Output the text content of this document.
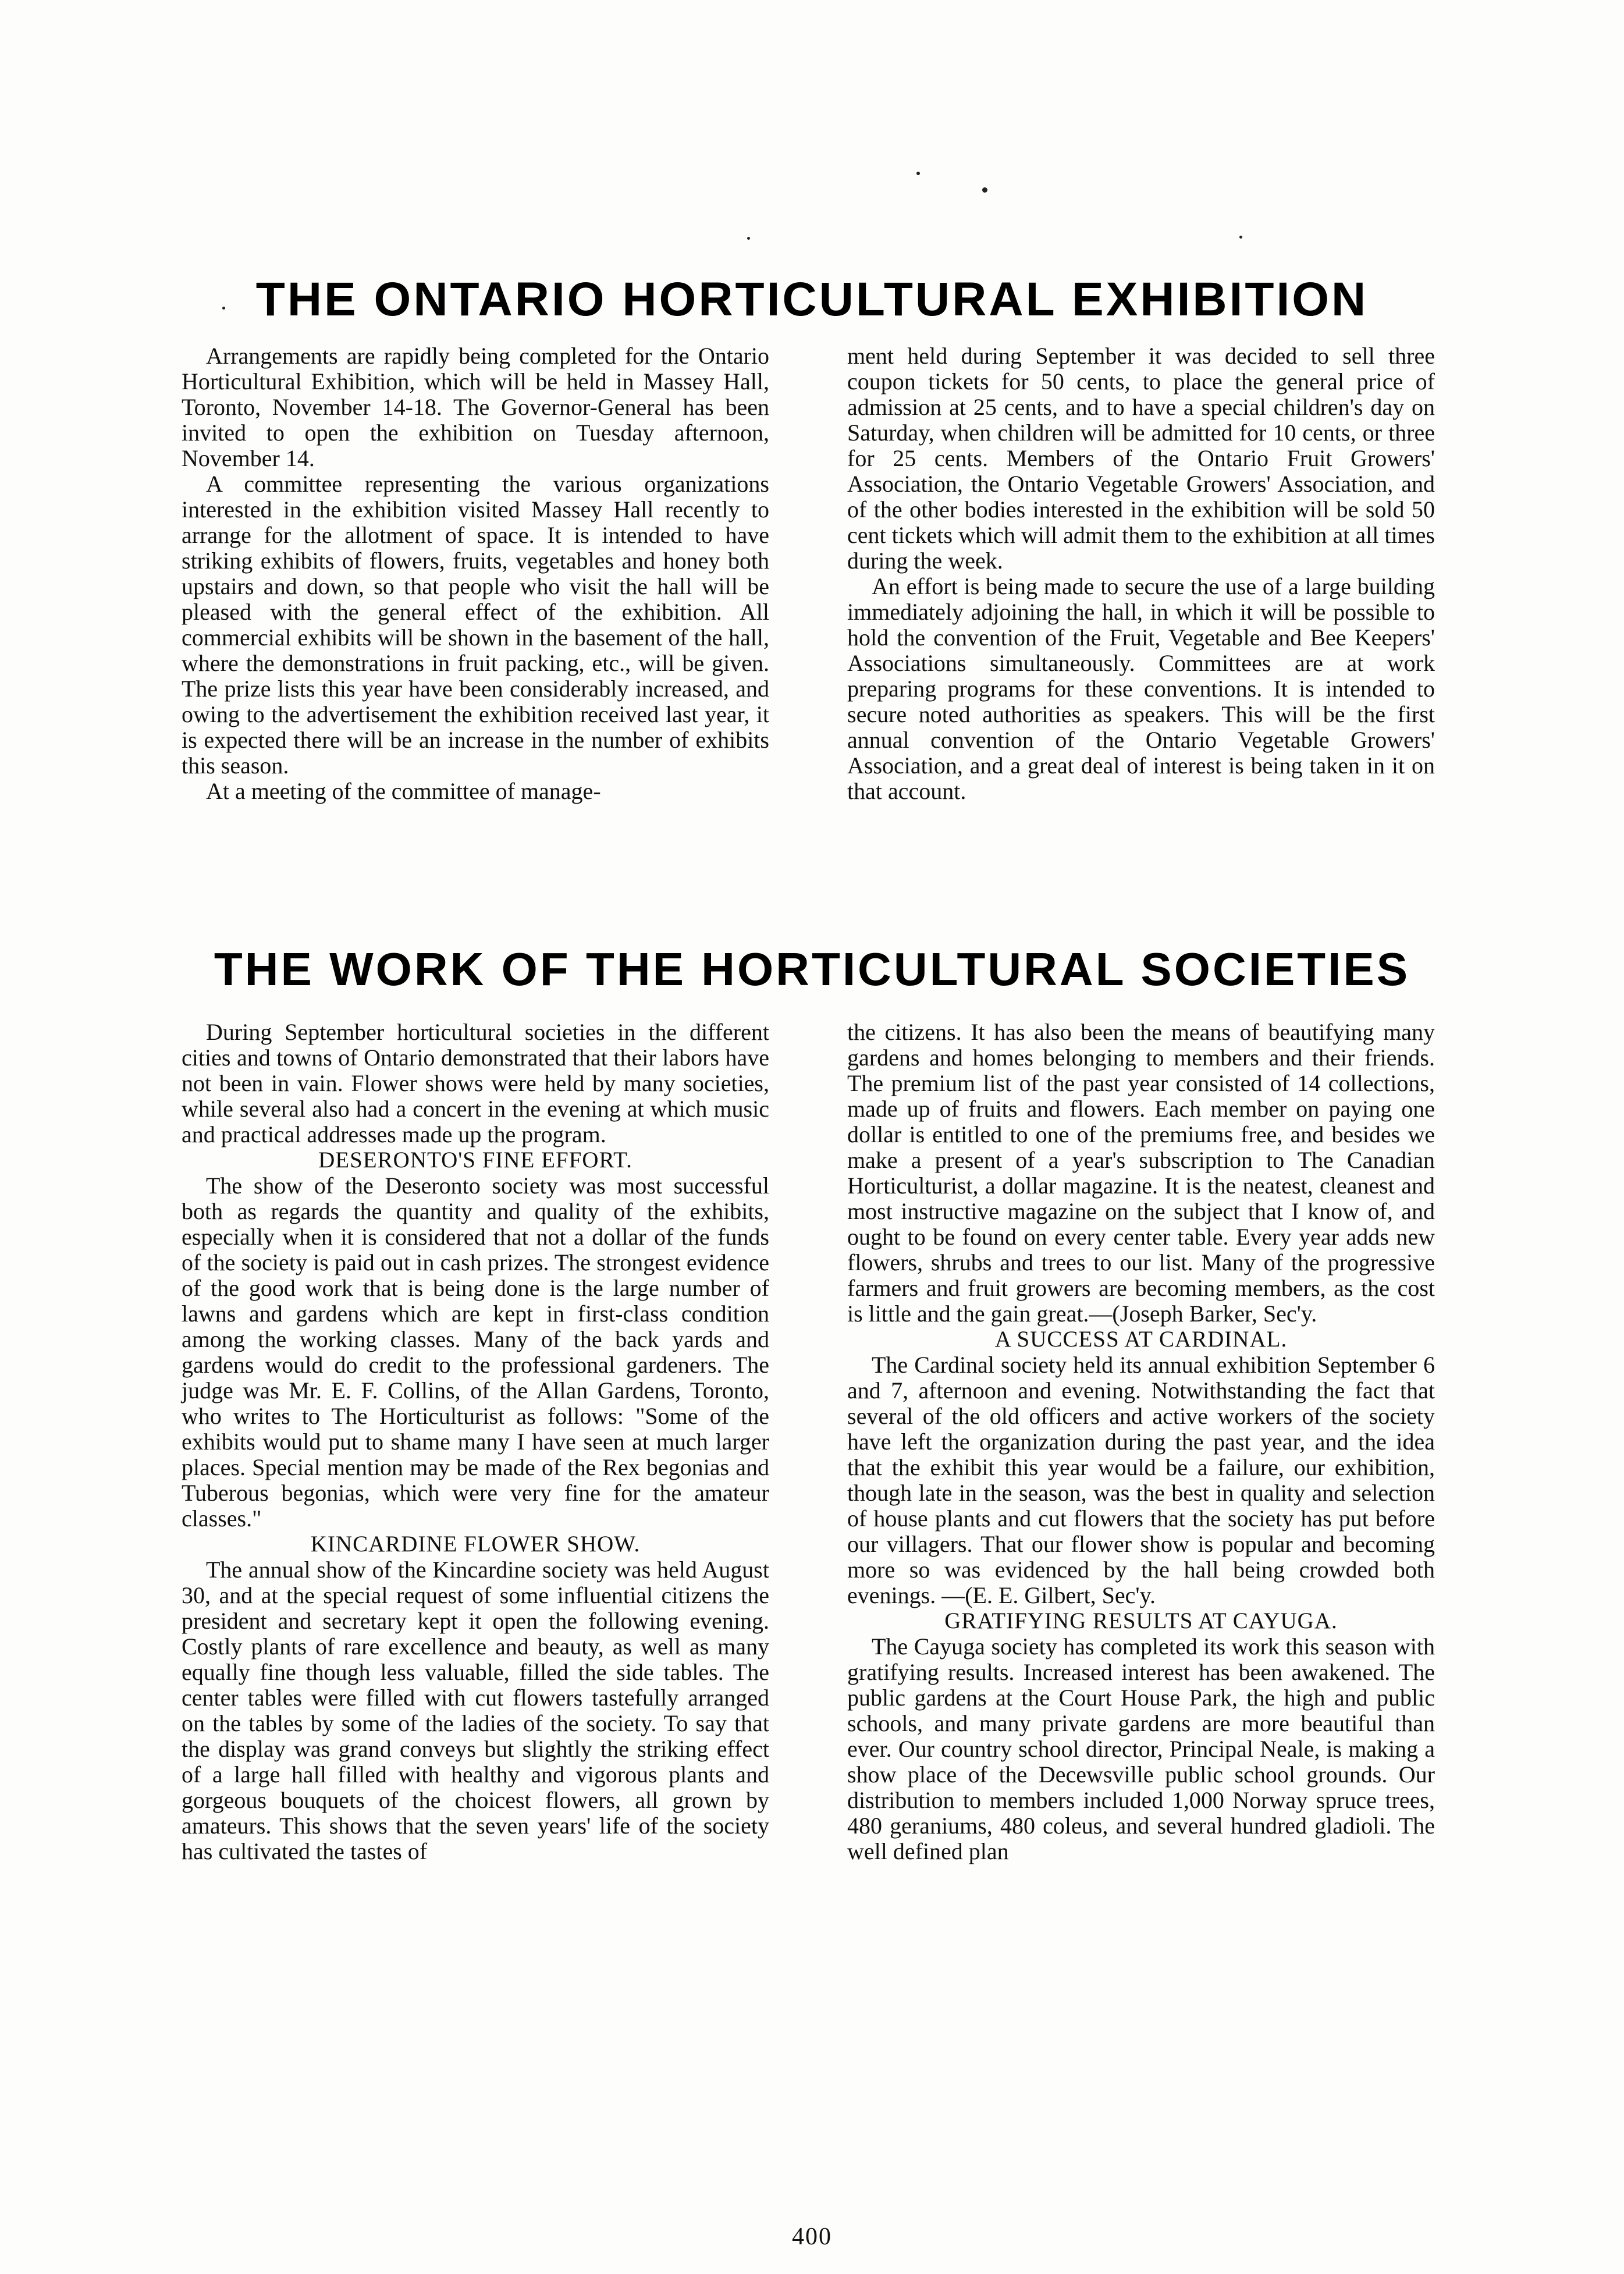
THE ONTARIO HORTICULTURAL EXHIBITION

Arrangements are rapidly being completed for the Ontario Horticultural Exhibition, which will be held in Massey Hall, Toronto, November 14-18. The Governor-General has been invited to open the exhibition on Tuesday afternoon, November 14.

A committee representing the various organizations interested in the exhibition visited Massey Hall recently to arrange for the allotment of space. It is intended to have striking exhibits of flowers, fruits, vegetables and honey both upstairs and down, so that people who visit the hall will be pleased with the general effect of the exhibition. All commercial exhibits will be shown in the basement of the hall, where the demonstrations in fruit packing, etc., will be given. The prize lists this year have been considerably increased, and owing to the advertisement the exhibition received last year, it is expected there will be an increase in the number of exhibits this season.

At a meeting of the committee of manage-

ment held during September it was decided to sell three coupon tickets for 50 cents, to place the general price of admission at 25 cents, and to have a special children's day on Saturday, when children will be admitted for 10 cents, or three for 25 cents. Members of the Ontario Fruit Growers' Association, the Ontario Vegetable Growers' Association, and of the other bodies interested in the exhibition will be sold 50 cent tickets which will admit them to the exhibition at all times during the week.

An effort is being made to secure the use of a large building immediately adjoining the hall, in which it will be possible to hold the convention of the Fruit, Vegetable and Bee Keepers' Associations simultaneously. Committees are at work preparing programs for these conventions. It is intended to secure noted authorities as speakers. This will be the first annual convention of the Ontario Vegetable Growers' Association, and a great deal of interest is being taken in it on that account.

THE WORK OF THE HORTICULTURAL SOCIETIES

During September horticultural societies in the different cities and towns of Ontario demonstrated that their labors have not been in vain. Flower shows were held by many societies, while several also had a concert in the evening at which music and practical addresses made up the program.

DESERONTO'S FINE EFFORT.

The show of the Deseronto society was most successful both as regards the quantity and quality of the exhibits, especially when it is considered that not a dollar of the funds of the society is paid out in cash prizes. The strongest evidence of the good work that is being done is the large number of lawns and gardens which are kept in first-class condition among the working classes. Many of the back yards and gardens would do credit to the professional gardeners. The judge was Mr. E. F. Collins, of the Allan Gardens, Toronto, who writes to The Horticulturist as follows: "Some of the exhibits would put to shame many I have seen at much larger places. Special mention may be made of the Rex begonias and Tuberous begonias, which were very fine for the amateur classes."

KINCARDINE FLOWER SHOW.

The annual show of the Kincardine society was held August 30, and at the special request of some influential citizens the president and secretary kept it open the following evening. Costly plants of rare excellence and beauty, as well as many equally fine though less valuable, filled the side tables. The center tables were filled with cut flowers tastefully arranged on the tables by some of the ladies of the society. To say that the display was grand conveys but slightly the striking effect of a large hall filled with healthy and vigorous plants and gorgeous bouquets of the choicest flowers, all grown by amateurs. This shows that the seven years' life of the society has cultivated the tastes of

the citizens. It has also been the means of beautifying many gardens and homes belonging to members and their friends. The premium list of the past year consisted of 14 collections, made up of fruits and flowers. Each member on paying one dollar is entitled to one of the premiums free, and besides we make a present of a year's subscription to The Canadian Horticulturist, a dollar magazine. It is the neatest, cleanest and most instructive magazine on the subject that I know of, and ought to be found on every center table. Every year adds new flowers, shrubs and trees to our list. Many of the progressive farmers and fruit growers are becoming members, as the cost is little and the gain great.—(Joseph Barker, Sec'y.

A SUCCESS AT CARDINAL.

The Cardinal society held its annual exhibition September 6 and 7, afternoon and evening. Notwithstanding the fact that several of the old officers and active workers of the society have left the organization during the past year, and the idea that the exhibit this year would be a failure, our exhibition, though late in the season, was the best in quality and selection of house plants and cut flowers that the society has put before our villagers. That our flower show is popular and becoming more so was evidenced by the hall being crowded both evenings. —(E. E. Gilbert, Sec'y.

GRATIFYING RESULTS AT CAYUGA.

The Cayuga society has completed its work this season with gratifying results. Increased interest has been awakened. The public gardens at the Court House Park, the high and public schools, and many private gardens are more beautiful than ever. Our country school director, Principal Neale, is making a show place of the Decewsville public school grounds. Our distribution to members included 1,000 Norway spruce trees, 480 geraniums, 480 coleus, and several hundred gladioli. The well defined plan

400
